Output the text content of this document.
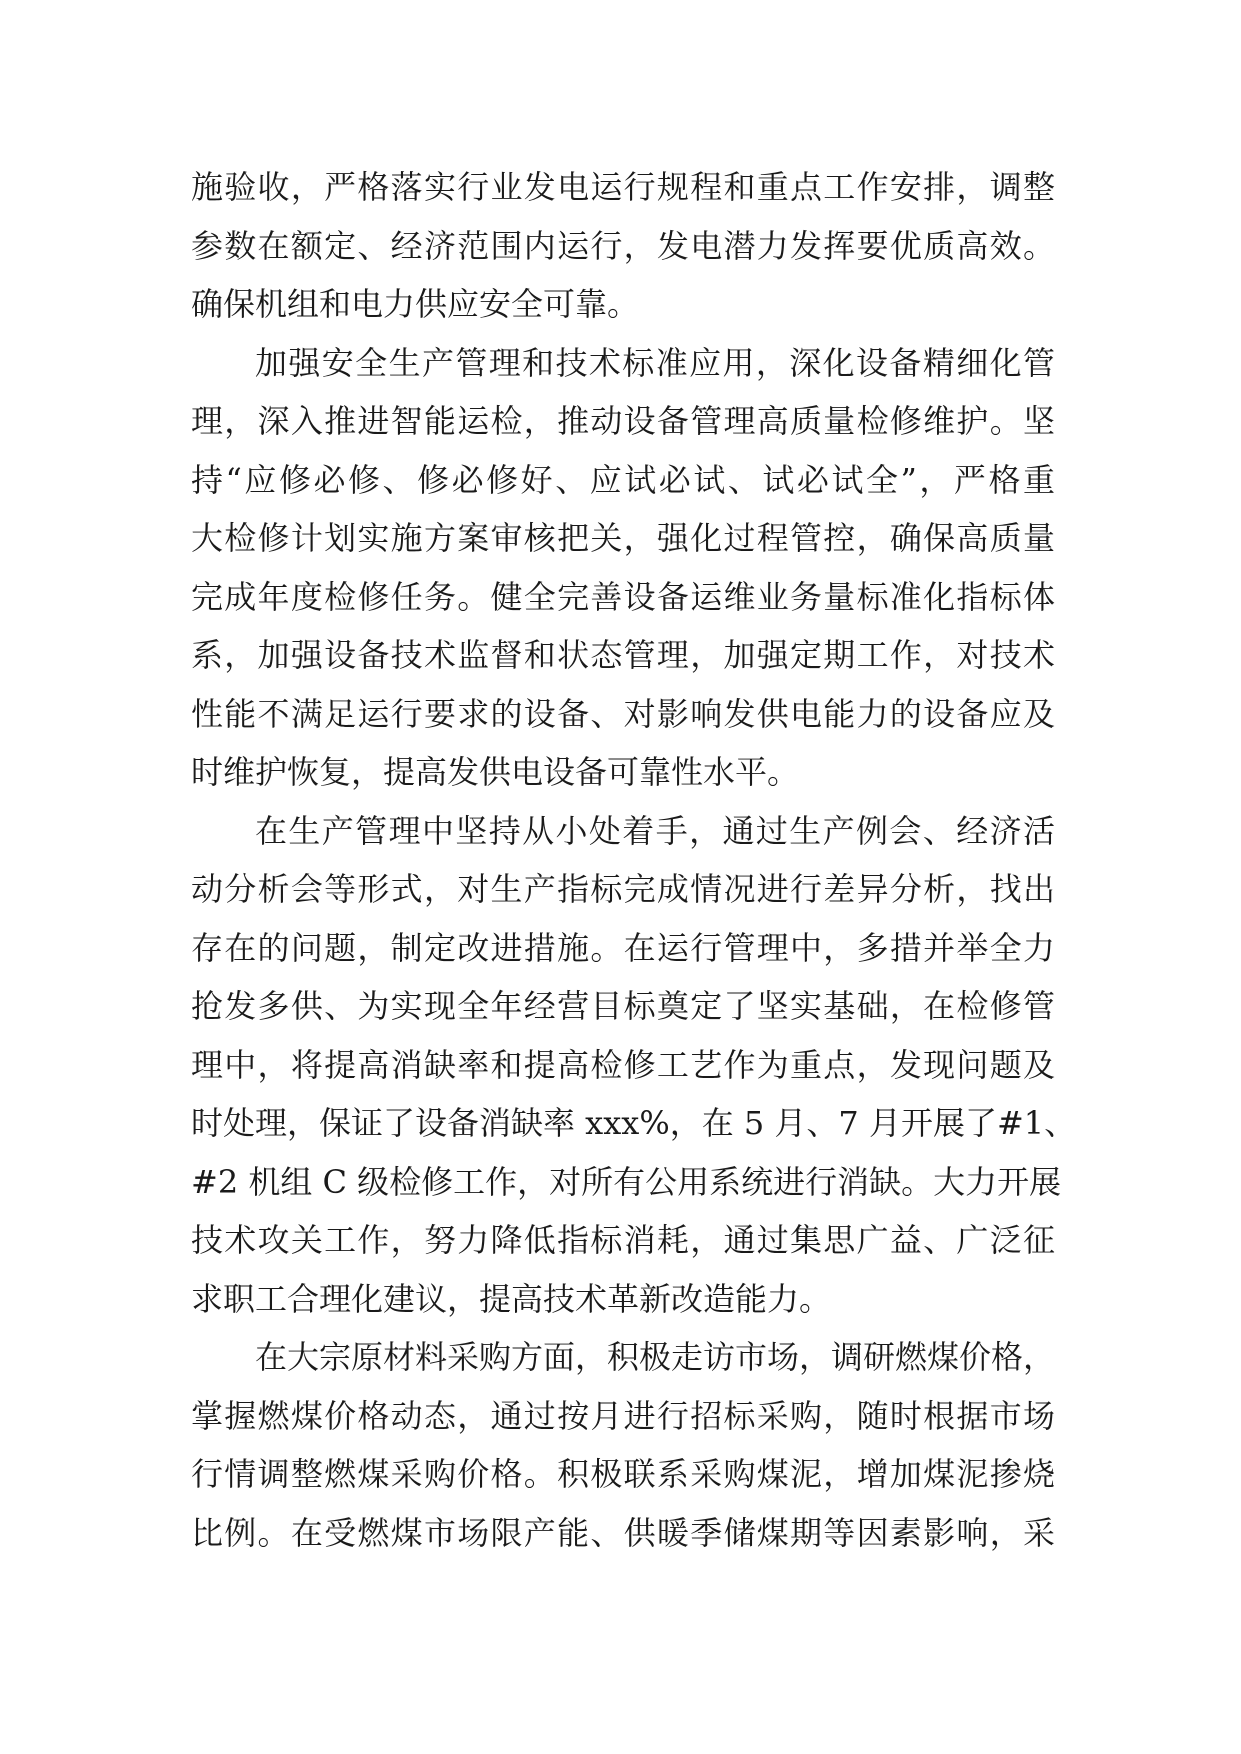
施验收，严格落实行业发电运行规程和重点工作安排，调整
参数在额定、经济范围内运行，发电潜力发挥要优质高效。
确保机组和电力供应安全可靠。
加强安全生产管理和技术标准应用，深化设备精细化管
理，深入推进智能运检，推动设备管理高质量检修维护。坚
持“应修必修、修必修好、应试必试、试必试全”，严格重
大检修计划实施方案审核把关，强化过程管控，确保高质量
完成年度检修任务。健全完善设备运维业务量标准化指标体
系，加强设备技术监督和状态管理，加强定期工作，对技术
性能不满足运行要求的设备、对影响发供电能力的设备应及
时维护恢复，提高发供电设备可靠性水平。
在生产管理中坚持从小处着手，通过生产例会、经济活
动分析会等形式，对生产指标完成情况进行差异分析，找出
存在的问题，制定改进措施。在运行管理中，多措并举全力
抢发多供、为实现全年经营目标奠定了坚实基础，在检修管
理中，将提高消缺率和提高检修工艺作为重点，发现问题及
时处理，保证了设备消缺率 xxx%，在 5 月、7 月开展了#1、
#2 机组 C 级检修工作，对所有公用系统进行消缺。大力开展
技术攻关工作，努力降低指标消耗，通过集思广益、广泛征
求职工合理化建议，提高技术革新改造能力。
在大宗原材料采购方面，积极走访市场，调研燃煤价格，
掌握燃煤价格动态，通过按月进行招标采购，随时根据市场
行情调整燃煤采购价格。积极联系采购煤泥，增加煤泥掺烧
比例。在受燃煤市场限产能、供暖季储煤期等因素影响，采
